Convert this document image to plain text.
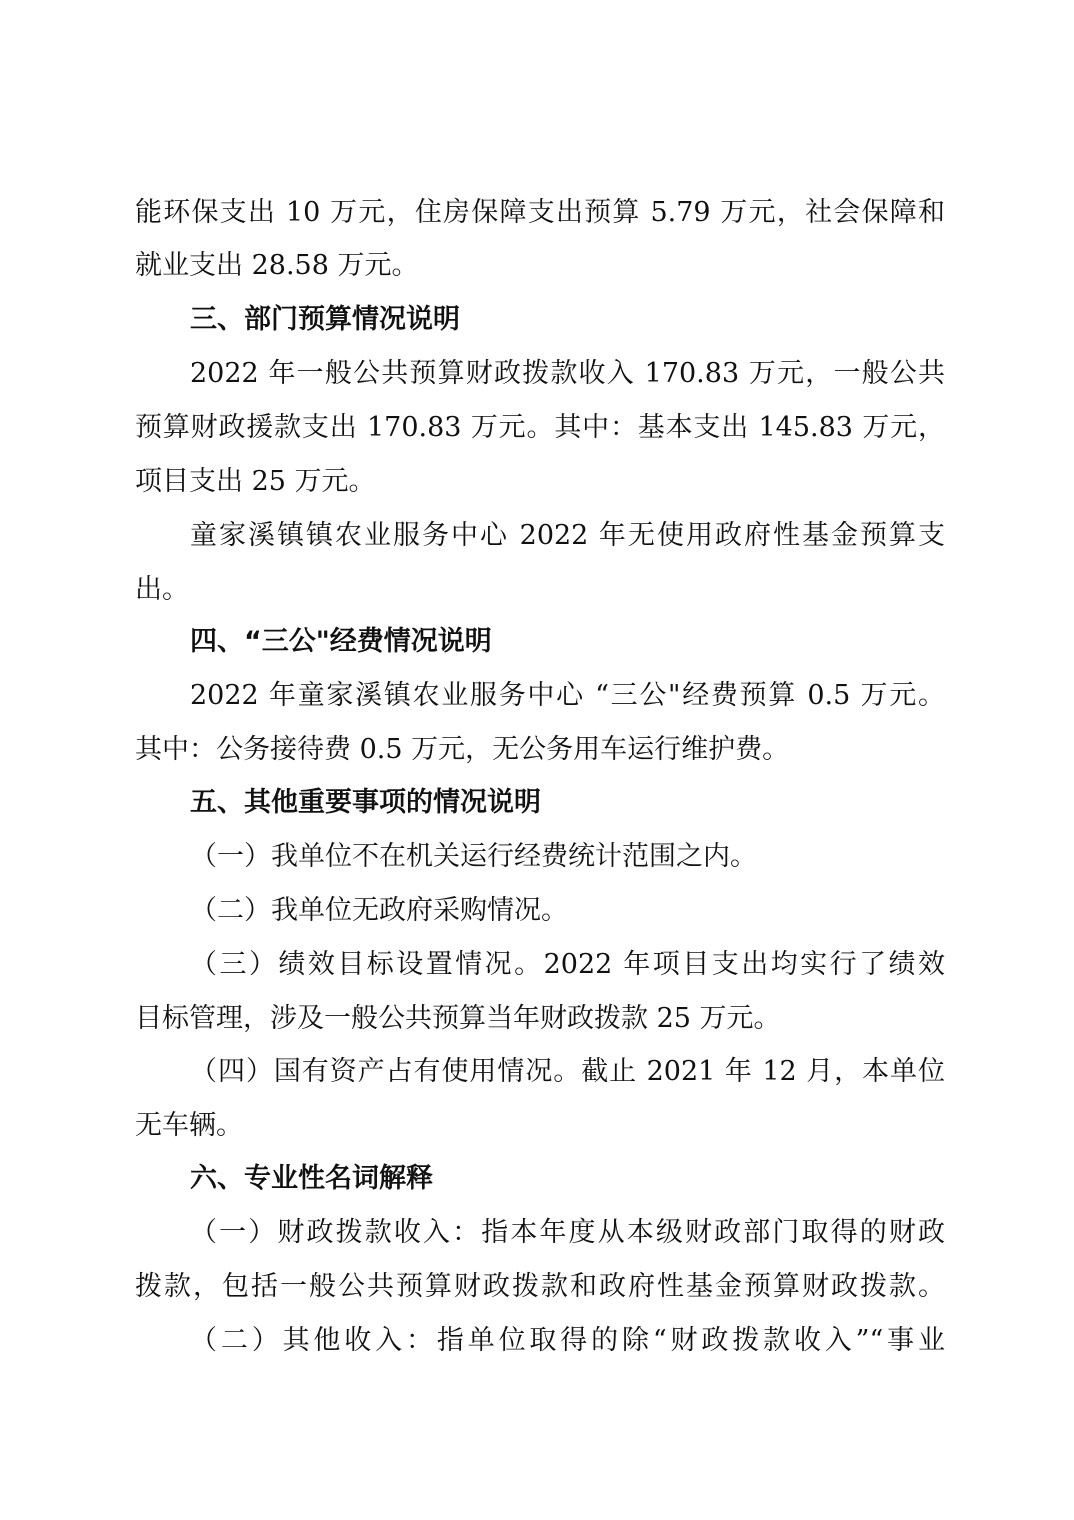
能环保支出 10 万元，住房保障支出预算 5.79 万元，社会保障和

就业支出 28.58 万元。

三、部门预算情况说明

2022 年一般公共预算财政拨款收入 170.83 万元，一般公共

预算财政援款支出 170.83 万元。其中：基本支出 145.83 万元，

项目支出 25 万元。

童家溪镇镇农业服务中心 2022 年无使用政府性基金预算支

出。

四、“三公"经费情况说明

2022 年童家溪镇农业服务中心 “三公"经费预算 0.5 万元。

其中：公务接待费 0.5 万元，无公务用车运行维护费。

五、其他重要事项的情况说明

（一）我单位不在机关运行经费统计范围之内。

（二）我单位无政府采购情况。

（三）绩效目标设置情况。2022 年项目支出均实行了绩效

目标管理，涉及一般公共预算当年财政拨款 25 万元。

（四）国有资产占有使用情况。截止 2021 年 12 月，本单位

无车辆。

六、专业性名词解释

（一）财政拨款收入：指本年度从本级财政部门取得的财政

拨款，包括一般公共预算财政拨款和政府性基金预算财政拨款。

（二）其他收入：指单位取得的除“财政拨款收入”“事业
